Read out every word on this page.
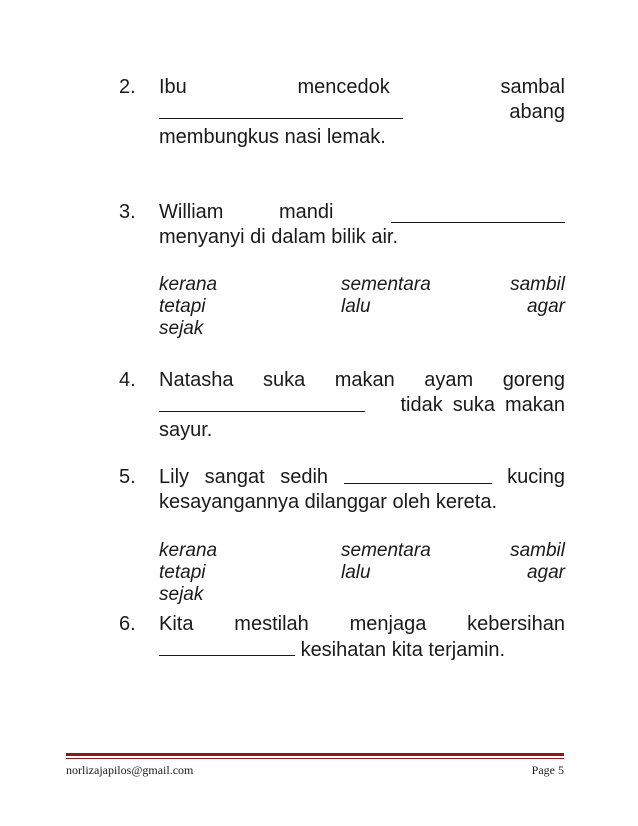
2.	Ibu	mencedok	sambal
abang
membungkus nasi lemak.
3.	William	mandi
menyanyi di dalam bilik air.
kerana	sementara	sambil
tetapi	lalu	agar
sejak
4.	Natasha suka makan ayam goreng
tidak suka makan
sayur.
5.	Lily sangat sedih	kucing
kesayangannya dilanggar oleh kereta.
kerana	sementara	sambil
tetapi	lalu	agar
sejak
6.	Kita mestilah menjaga kebersihan
kesihatan kita terjamin.
norlizajapilos@gmail.com	Page 5
